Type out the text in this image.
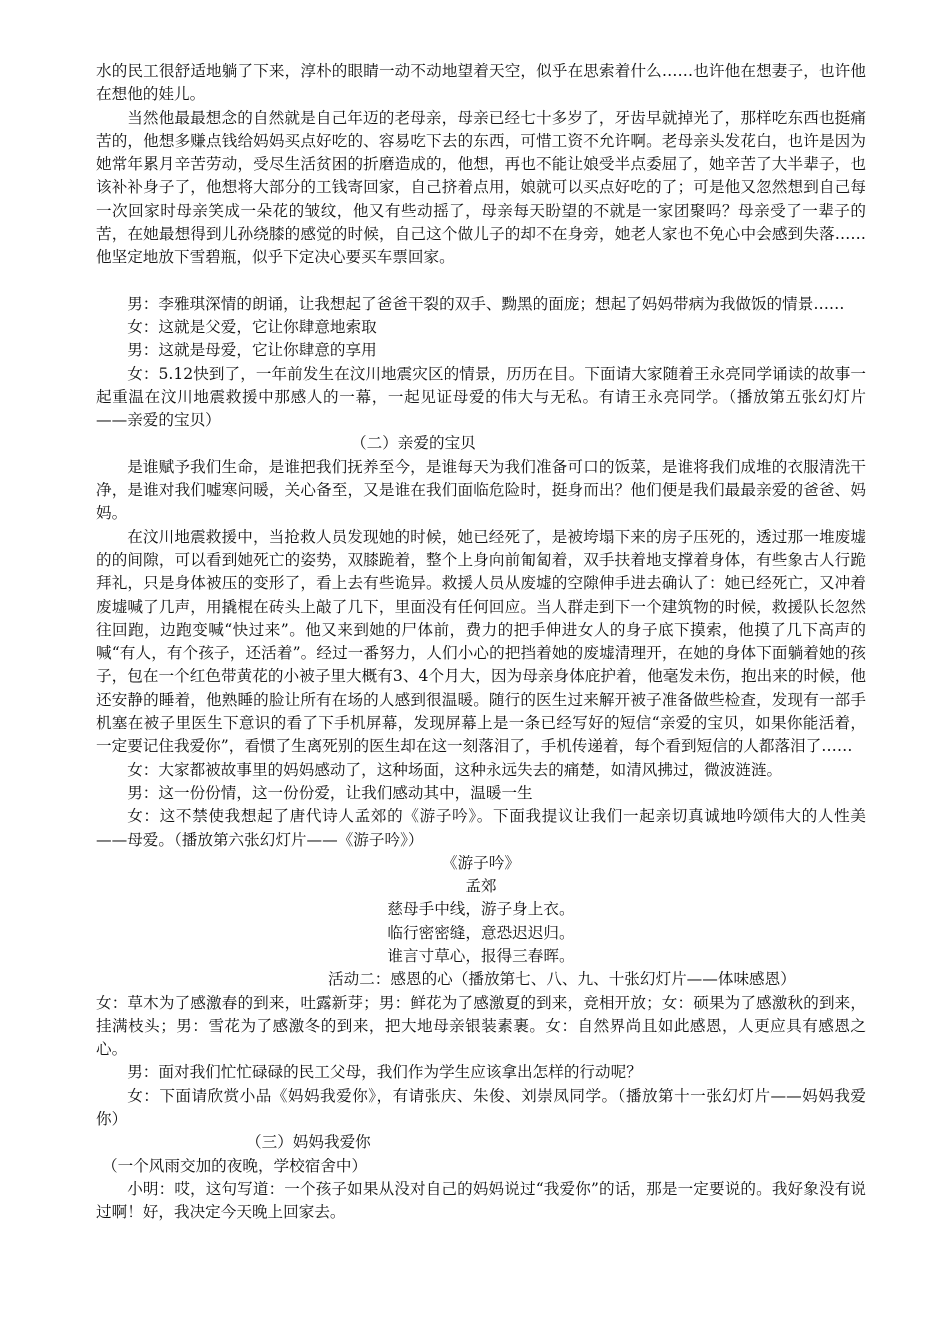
水的民工很舒适地躺了下来，淳朴的眼睛一动不动地望着天空，似乎在思索着什么……也许他在想妻子，也许他在想他的娃儿。

当然他最最想念的自然就是自己年迈的老母亲，母亲已经七十多岁了，牙齿早就掉光了，那样吃东西也挺痛苦的，他想多赚点钱给妈妈买点好吃的、容易吃下去的东西，可惜工资不允许啊。老母亲头发花白，也许是因为她常年累月辛苦劳动，受尽生活贫困的折磨造成的，他想，再也不能让娘受半点委屈了，她辛苦了大半辈子，也该补补身子了，他想将大部分的工钱寄回家，自己挤着点用，娘就可以买点好吃的了；可是他又忽然想到自己每一次回家时母亲笑成一朵花的皱纹，他又有些动摇了，母亲每天盼望的不就是一家团聚吗？母亲受了一辈子的苦，在她最想得到儿孙绕膝的感觉的时候，自己这个做儿子的却不在身旁，她老人家也不免心中会感到失落……他坚定地放下雪碧瓶，似乎下定决心要买车票回家。

男：李雅琪深情的朗诵，让我想起了爸爸干裂的双手、黝黑的面庞；想起了妈妈带病为我做饭的情景……

女：这就是父爱，它让你肆意地索取

男：这就是母爱，它让你肆意的享用

女：5.12快到了，一年前发生在汶川地震灾区的情景，历历在目。下面请大家随着王永亮同学诵读的故事一起重温在汶川地震救援中那感人的一幕，一起见证母爱的伟大与无私。有请王永亮同学。（播放第五张幻灯片——亲爱的宝贝）

（二）亲爱的宝贝

是谁赋予我们生命，是谁把我们抚养至今，是谁每天为我们准备可口的饭菜，是谁将我们成堆的衣服清洗干净，是谁对我们嘘寒问暖，关心备至，又是谁在我们面临危险时，挺身而出？他们便是我们最最亲爱的爸爸、妈妈。

在汶川地震救援中，当抢救人员发现她的时候，她已经死了，是被垮塌下来的房子压死的，透过那一堆废墟的的间隙，可以看到她死亡的姿势，双膝跪着，整个上身向前匍匐着，双手扶着地支撑着身体，有些象古人行跪拜礼，只是身体被压的变形了，看上去有些诡异。救援人员从废墟的空隙伸手进去确认了：她已经死亡，又冲着废墟喊了几声，用撬棍在砖头上敲了几下，里面没有任何回应。当人群走到下一个建筑物的时候，救援队长忽然往回跑，边跑变喊“快过来”。他又来到她的尸体前，费力的把手伸进女人的身子底下摸索，他摸了几下高声的喊“有人，有个孩子，还活着”。经过一番努力，人们小心的把挡着她的废墟清理开，在她的身体下面躺着她的孩子，包在一个红色带黄花的小被子里大概有3、4个月大，因为母亲身体庇护着，他毫发未伤，抱出来的时候，他还安静的睡着，他熟睡的脸让所有在场的人感到很温暖。随行的医生过来解开被子准备做些检查，发现有一部手机塞在被子里医生下意识的看了下手机屏幕，发现屏幕上是一条已经写好的短信“亲爱的宝贝，如果你能活着，一定要记住我爱你”，看惯了生离死别的医生却在这一刻落泪了，手机传递着，每个看到短信的人都落泪了……

女：大家都被故事里的妈妈感动了，这种场面，这种永远失去的痛楚，如清风拂过，微波涟涟。

男：这一份份情，这一份份爱，让我们感动其中，温暖一生

女：这不禁使我想起了唐代诗人孟郊的《游子吟》。下面我提议让我们一起亲切真诚地吟颂伟大的人性美——母爱。（播放第六张幻灯片——《游子吟》）

《游子吟》

孟郊

慈母手中线，游子身上衣。

临行密密缝，意恐迟迟归。

谁言寸草心，报得三春晖。

活动二：感恩的心（播放第七、八、九、十张幻灯片——体味感恩）

女：草木为了感激春的到来，吐露新芽；男：鲜花为了感激夏的到来，竞相开放；女：硕果为了感激秋的到来，挂满枝头；男：雪花为了感激冬的到来，把大地母亲银装素裹。女：自然界尚且如此感恩，人更应具有感恩之心。

男：面对我们忙忙碌碌的民工父母，我们作为学生应该拿出怎样的行动呢？

女：下面请欣赏小品《妈妈我爱你》，有请张庆、朱俊、刘崇凤同学。（播放第十一张幻灯片——妈妈我爱你）

（三）妈妈我爱你

（一个风雨交加的夜晚，学校宿舍中）

小明：哎，这句写道：一个孩子如果从没对自己的妈妈说过“我爱你”的话，那是一定要说的。我好象没有说过啊！好，我决定今天晚上回家去。
